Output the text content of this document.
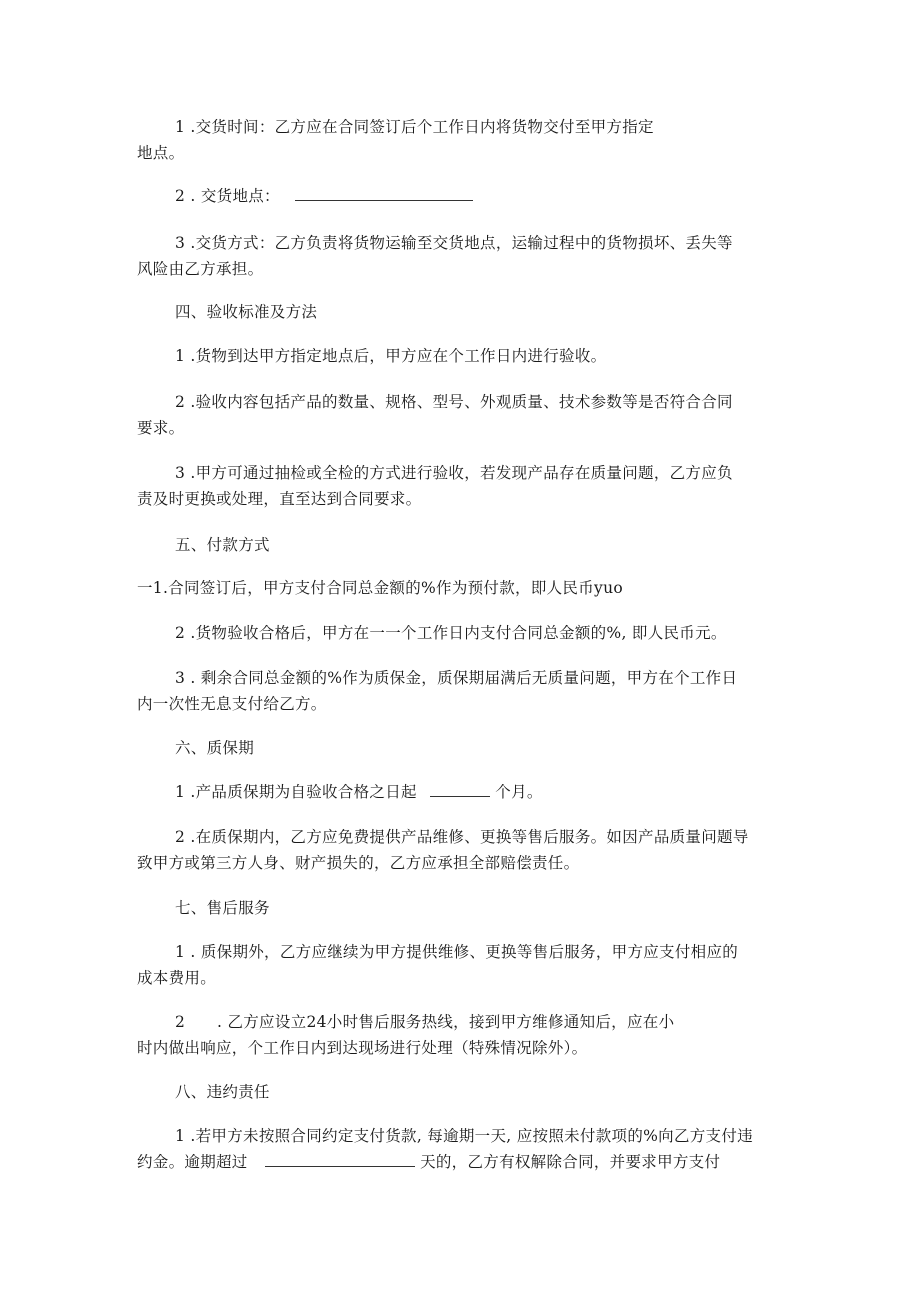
1 .交货时间：乙方应在合同签订后个工作日内将货物交付至甲方指定
地点。
2 . 交货地点：
3 .交货方式：乙方负责将货物运输至交货地点，运输过程中的货物损坏、丢失等
风险由乙方承担。
四、验收标准及方法
1 .货物到达甲方指定地点后，甲方应在个工作日内进行验收。
2 .验收内容包括产品的数量、规格、型号、外观质量、技术参数等是否符合合同
要求。
3 .甲方可通过抽检或全检的方式进行验收，若发现产品存在质量问题，乙方应负
责及时更换或处理，直至达到合同要求。
五、付款方式
一1.合同签订后，甲方支付合同总金额的%作为预付款，即人民币yuo
2 .货物验收合格后，甲方在一一个工作日内支付合同总金额的%, 即人民币元。
3 . 剩余合同总金额的%作为质保金，质保期届满后无质量问题，甲方在个工作日
内一次性无息支付给乙方。
六、质保期
1 .产品质保期为自验收合格之日起	个月。
2 .在质保期内，乙方应免费提供产品维修、更换等售后服务。如因产品质量问题导
致甲方或第三方人身、财产损失的，乙方应承担全部赔偿责任。
七、售后服务
1 . 质保期外，乙方应继续为甲方提供维修、更换等售后服务，甲方应支付相应的
成本费用。
2 . 乙方应设立24小时售后服务热线，接到甲方维修通知后，应在小
时内做出响应，个工作日内到达现场进行处理（特殊情况除外）。
八、违约责任
1 .若甲方未按照合同约定支付货款, 每逾期一天, 应按照未付款项的%向乙方支付违
约金。逾期超过	天的，乙方有权解除合同，并要求甲方支付
